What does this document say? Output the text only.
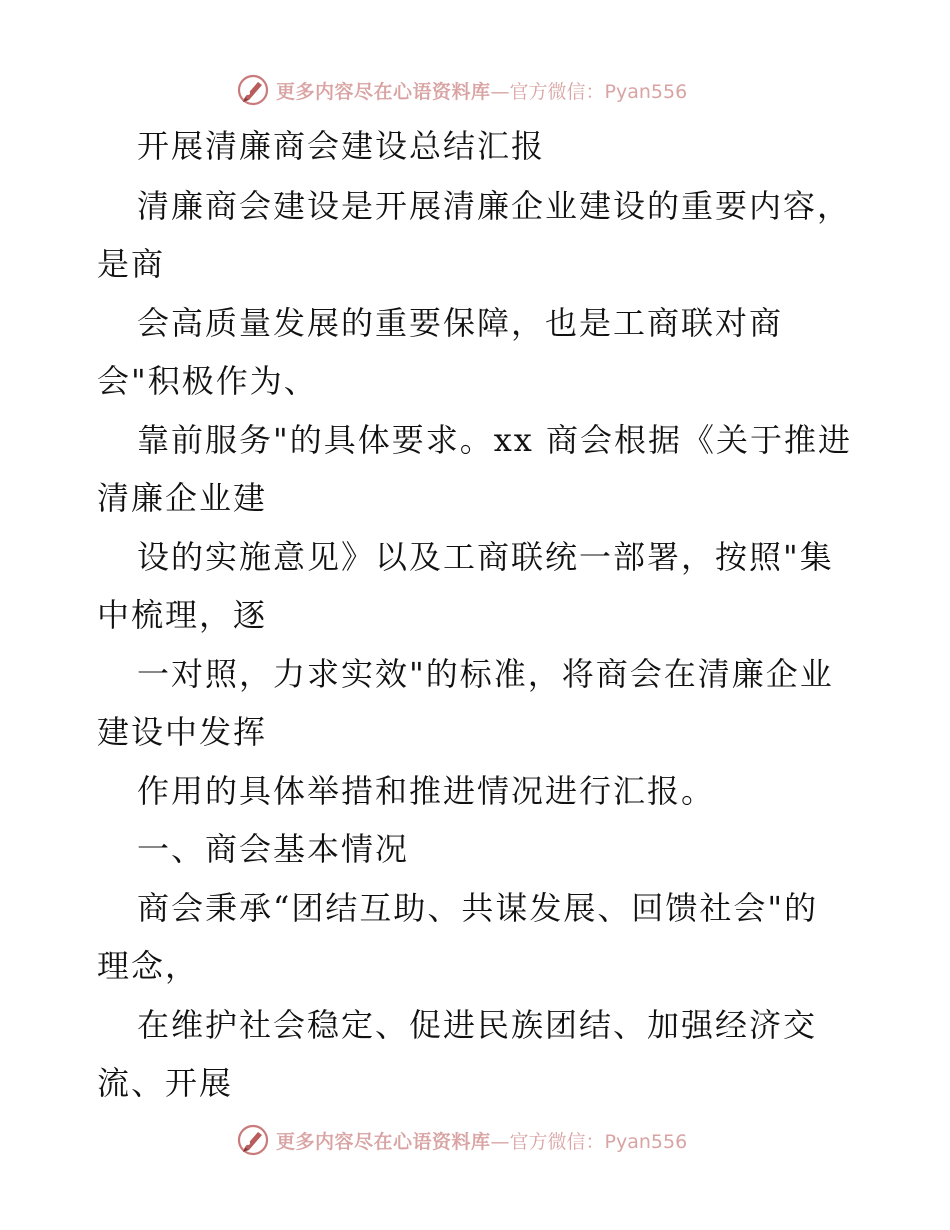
更多内容尽在心语资料库 —官方微信：Pyan556
开展清廉商会建设总结汇报
清廉商会建设是开展清廉企业建设的重要内容，
是商
会高质量发展的重要保障，也是工商联对商
会"积极作为、
靠前服务"的具体要求。xx 商会根据《关于推进
清廉企业建
设的实施意见》以及工商联统一部署，按照"集
中梳理，逐
一对照，力求实效"的标准，将商会在清廉企业
建设中发挥
作用的具体举措和推进情况进行汇报。
一、商会基本情况
商会秉承“团结互助、共谋发展、回馈社会"的
理念，
在维护社会稳定、促进民族团结、加强经济交
流、开展
更多内容尽在心语资料库 —官方微信：Pyan556
